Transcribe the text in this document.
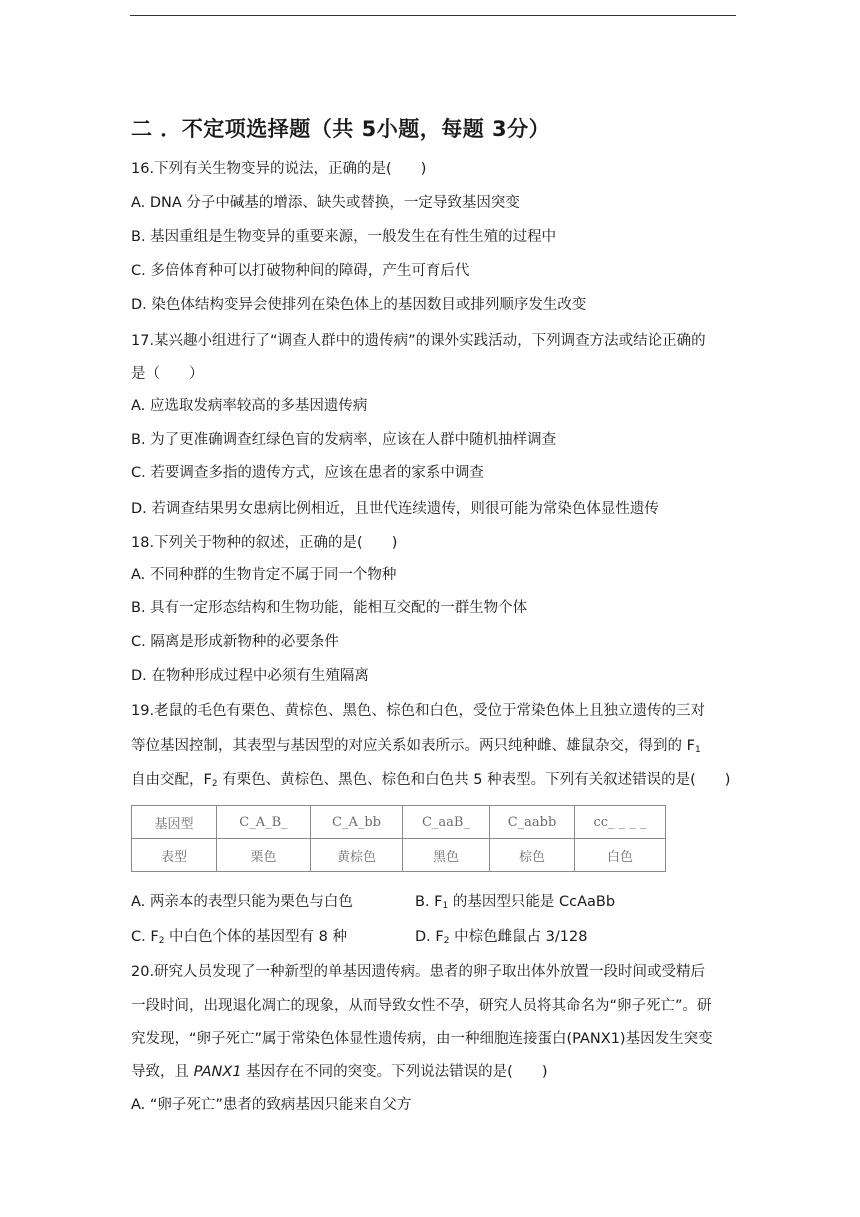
二 ．不定项选择题（共 5小题，每题 3分）
16.下列有关生物变异的说法，正确的是(　　)
A. DNA 分子中碱基的增添、缺失或替换，一定导致基因突变
B. 基因重组是生物变异的重要来源，一般发生在有性生殖的过程中
C. 多倍体育种可以打破物种间的障碍，产生可育后代
D. 染色体结构变异会使排列在染色体上的基因数目或排列顺序发生改变
17.某兴趣小组进行了“调查人群中的遗传病”的课外实践活动，下列调查方法或结论正确的
是（　　）
A. 应选取发病率较高的多基因遗传病
B. 为了更准确调查红绿色盲的发病率，应该在人群中随机抽样调查
C. 若要调查多指的遗传方式，应该在患者的家系中调查
D. 若调查结果男女患病比例相近，且世代连续遗传，则很可能为常染色体显性遗传
18.下列关于物种的叙述，正确的是(　　)
A. 不同种群的生物肯定不属于同一个物种
B. 具有一定形态结构和生物功能，能相互交配的一群生物个体
C. 隔离是形成新物种的必要条件
D. 在物种形成过程中必须有生殖隔离
19.老鼠的毛色有栗色、黄棕色、黑色、棕色和白色，受位于常染色体上且独立遗传的三对
等位基因控制，其表型与基因型的对应关系如表所示。两只纯种雌、雄鼠杂交，得到的 $F_1$
自由交配，$F_2$ 有栗色、黄棕色、黑色、棕色和白色共 5 种表型。下列有关叙述错误的是(　　)
基因型	C_A_B_	C_A_bb	C_aaB_	C_aabb	cc_ _ _ _
表型	栗色	黄棕色	黑色	棕色	白色
A. 两亲本的表型只能为栗色与白色	B. $F_1$ 的基因型只能是 CcAaBb
C. $F_2$ 中白色个体的基因型有 8 种	D. $F_2$ 中棕色雌鼠占 3/128
20.研究人员发现了一种新型的单基因遗传病。患者的卵子取出体外放置一段时间或受精后
一段时间，出现退化凋亡的现象，从而导致女性不孕，研究人员将其命名为“卵子死亡”。研
究发现，“卵子死亡”属于常染色体显性遗传病，由一种细胞连接蛋白(PANX1)基因发生突变
导致，且 PANX1 基因存在不同的突变。下列说法错误的是(　　)
A. “卵子死亡”患者的致病基因只能来自父方
